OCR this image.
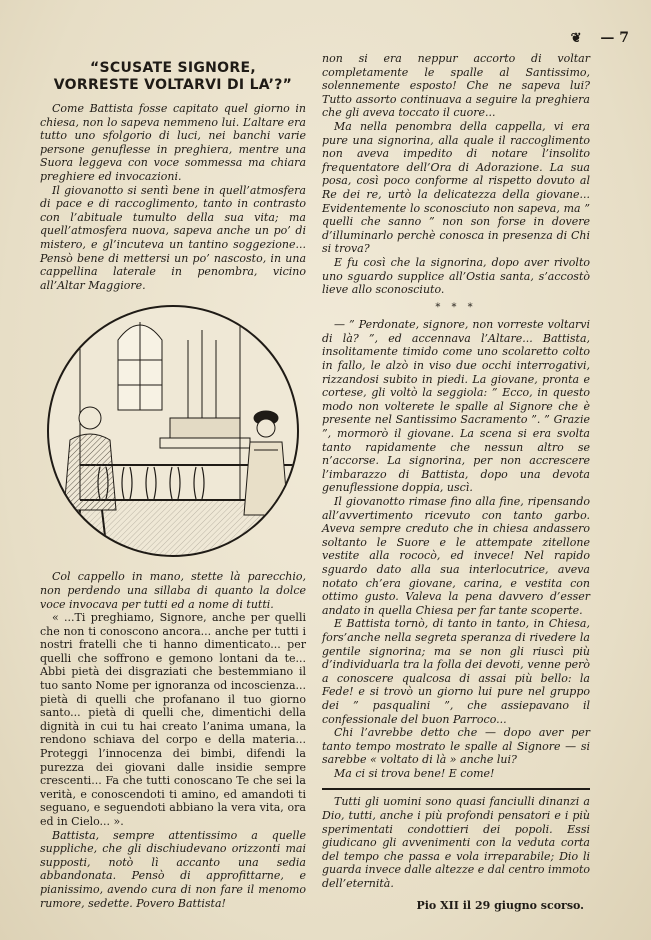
❦ — 7
“SCUSATE SIGNORE,
VORRESTE VOLTARVI DI LA’?”

Come Battista fosse capitato quel giorno in chiesa, non lo sapeva nemmeno lui. L’altare era tutto uno sfolgorio di luci, nei banchi varie persone genuflesse in preghiera, mentre una Suora leggeva con voce sommessa ma chiara preghiere ed invocazioni.

Il giovanotto si sentì bene in quell’atmosfera di pace e di raccoglimento, tanto in contrasto con l’abituale tumulto della sua vita; ma quell’atmosfera nuova, sapeva anche un po’ di mistero, e gl’incuteva un tantino soggezione... Pensò bene di mettersi un po’ nascosto, in una cappellina laterale in penombra, vicino all’Altar Maggiore.

Col cappello in mano, stette là parecchio, non perdendo una sillaba di quanto la dolce voce invocava per tutti ed a nome di tutti.

« ...Ti preghiamo, Signore, anche per quelli che non ti conoscono ancora... anche per tutti i nostri fratelli che ti hanno dimenticato... per quelli che soffrono e gemono lontani da te... Abbi pietà dei disgraziati che bestemmiano il tuo santo Nome per ignoranza od incoscienza... pietà di quelli che profanano il tuo giorno santo... pietà di quelli che, dimentichi della dignità in cui tu hai creato l’anima umana, la rendono schiava del corpo e della materia... Proteggi l’innocenza dei bimbi, difendi la purezza dei giovani dalle insidie sempre crescenti... Fa che tutti conoscano Te che sei la verità, e conoscendoti ti amino, ed amandoti ti seguano, e seguendoti abbiano la vera vita, ora ed in Cielo... ».

Battista, sempre attentissimo a quelle suppliche, che gli dischiudevano orizzonti mai supposti, notò lì accanto una sedia abbandonata. Pensò di approfittarne, e pianissimo, avendo cura di non fare il menomo rumore, sedette. Povero Battista!

non si era neppur accorto di voltar completamente le spalle al Santissimo, solennemente esposto! Che ne sapeva lui? Tutto assorto continuava a seguire la preghiera che gli aveva toccato il cuore...

Ma nella penombra della cappella, vi era pure una signorina, alla quale il raccoglimento non aveva impedito di notare l’insolito frequentatore dell’Ora di Adorazione. La sua posa, così poco conforme al rispetto dovuto al Re dei re, urtò la delicatezza della giovane... Evidentemente lo sconosciuto non sapeva, ma ” quelli che sanno ” non son forse in dovere d’illuminarlo perchè conosca in presenza di Chi si trova?

E fu così che la signorina, dopo aver rivolto uno sguardo supplice all’Ostia santa, s’accostò lieve allo sconosciuto.

* * *

— ” Perdonate, signore, non vorreste voltarvi di là? ”, ed accennava l’Altare... Battista, insolitamente timido come uno scolaretto colto in fallo, le alzò in viso due occhi interrogativi, rizzandosi subito in piedi. La giovane, pronta e cortese, gli voltò la seggiola: ” Ecco, in questo modo non volterete le spalle al Signore che è presente nel Santissimo Sacramento ”. ” Grazie ”, mormorò il giovane. La scena si era svolta tanto rapidamente che nessun altro se n’accorse. La signorina, per non accrescere l’imbarazzo di Battista, dopo una devota genuflessione doppia, uscì.

Il giovanotto rimase fino alla fine, ripensando all’avvertimento ricevuto con tanto garbo. Aveva sempre creduto che in chiesa andassero soltanto le Suore e le attempate zitellone vestite alla rococò, ed invece! Nel rapido sguardo dato alla sua interlocutrice, aveva notato ch’era giovane, carina, e vestita con ottimo gusto. Valeva la pena davvero d’esser andato in quella Chiesa per far tante scoperte.

E Battista tornò, di tanto in tanto, in Chiesa, fors’anche nella segreta speranza di rivedere la gentile signorina; ma se non gli riuscì più d’individuarla tra la folla dei devoti, venne però a conoscere qualcosa di assai più bello: la Fede! e si trovò un giorno lui pure nel gruppo dei ” pasqualini ”, che assiepavano il confessionale del buon Parroco...

Chi l’avrebbe detto che — dopo aver per tanto tempo mostrato le spalle al Signore — si sarebbe « voltato di là » anche lui?

Ma ci si trova bene! E come!

Tutti gli uomini sono quasi fanciulli dinanzi a Dio, tutti, anche i più profondi pensatori e i più sperimentati condottieri dei popoli. Essi giudicano gli avvenimenti con la veduta corta del tempo che passa e vola irreparabile; Dio li guarda invece dalle altezze e dal centro immoto dell’eternità.

Pio XII il 29 giugno scorso.
